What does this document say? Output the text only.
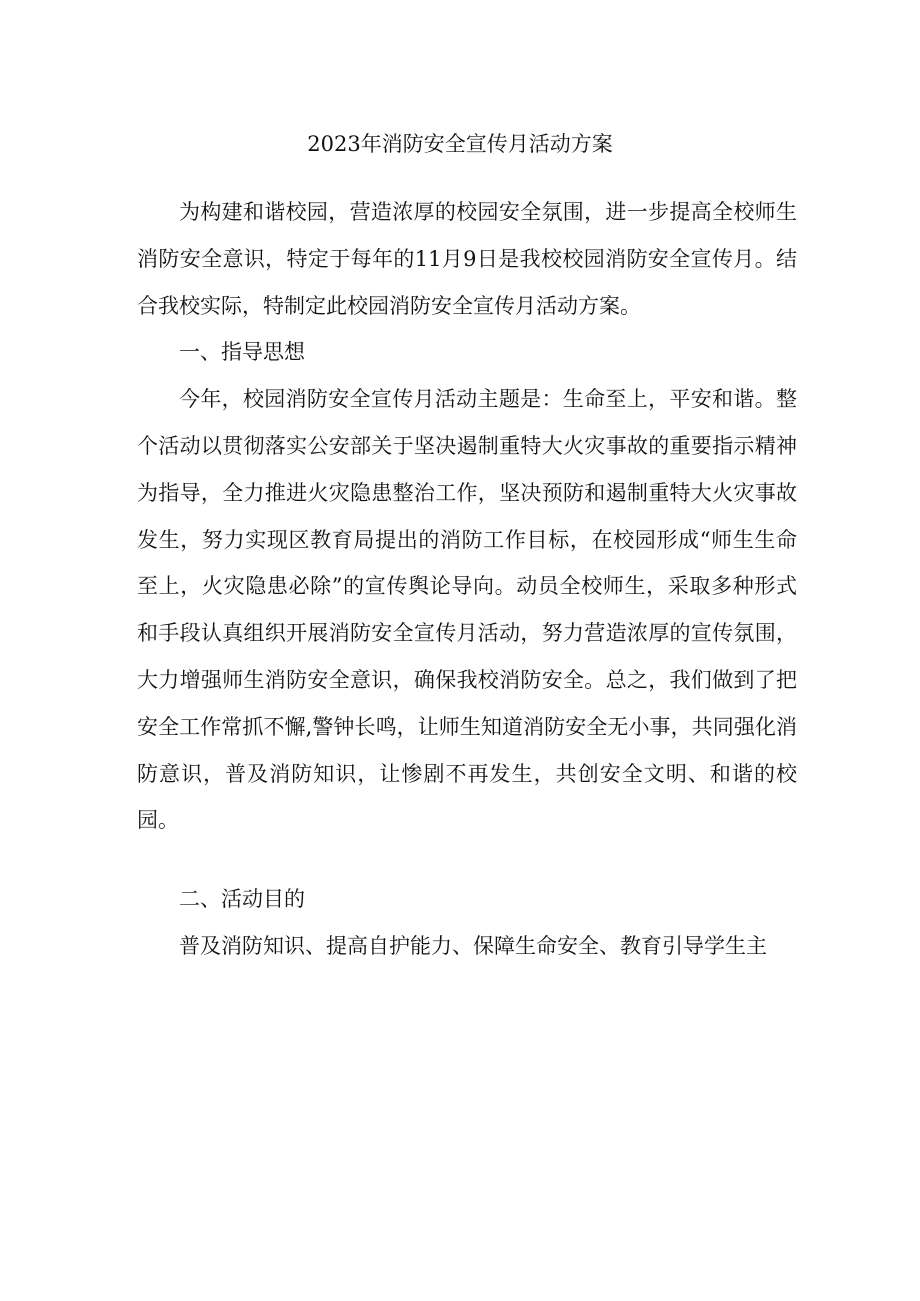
2023年消防安全宣传月活动方案

为构建和谐校园，营造浓厚的校园安全氛围，进一步提高全校师生消防安全意识，特定于每年的11月9日是我校校园消防安全宣传月。结合我校实际，特制定此校园消防安全宣传月活动方案。

一、指导思想

今年，校园消防安全宣传月活动主题是：生命至上，平安和谐。整个活动以贯彻落实公安部关于坚决遏制重特大火灾事故的重要指示精神为指导，全力推进火灾隐患整治工作，坚决预防和遏制重特大火灾事故发生，努力实现区教育局提出的消防工作目标，在校园形成“师生生命至上，火灾隐患必除”的宣传舆论导向。动员全校师生，采取多种形式和手段认真组织开展消防安全宣传月活动，努力营造浓厚的宣传氛围，大力增强师生消防安全意识，确保我校消防安全。总之，我们做到了把安全工作常抓不懈,警钟长鸣，让师生知道消防安全无小事，共同强化消防意识，普及消防知识，让惨剧不再发生，共创安全文明、和谐的校园。

二、活动目的

普及消防知识、提高自护能力、保障生命安全、教育引导学生主
